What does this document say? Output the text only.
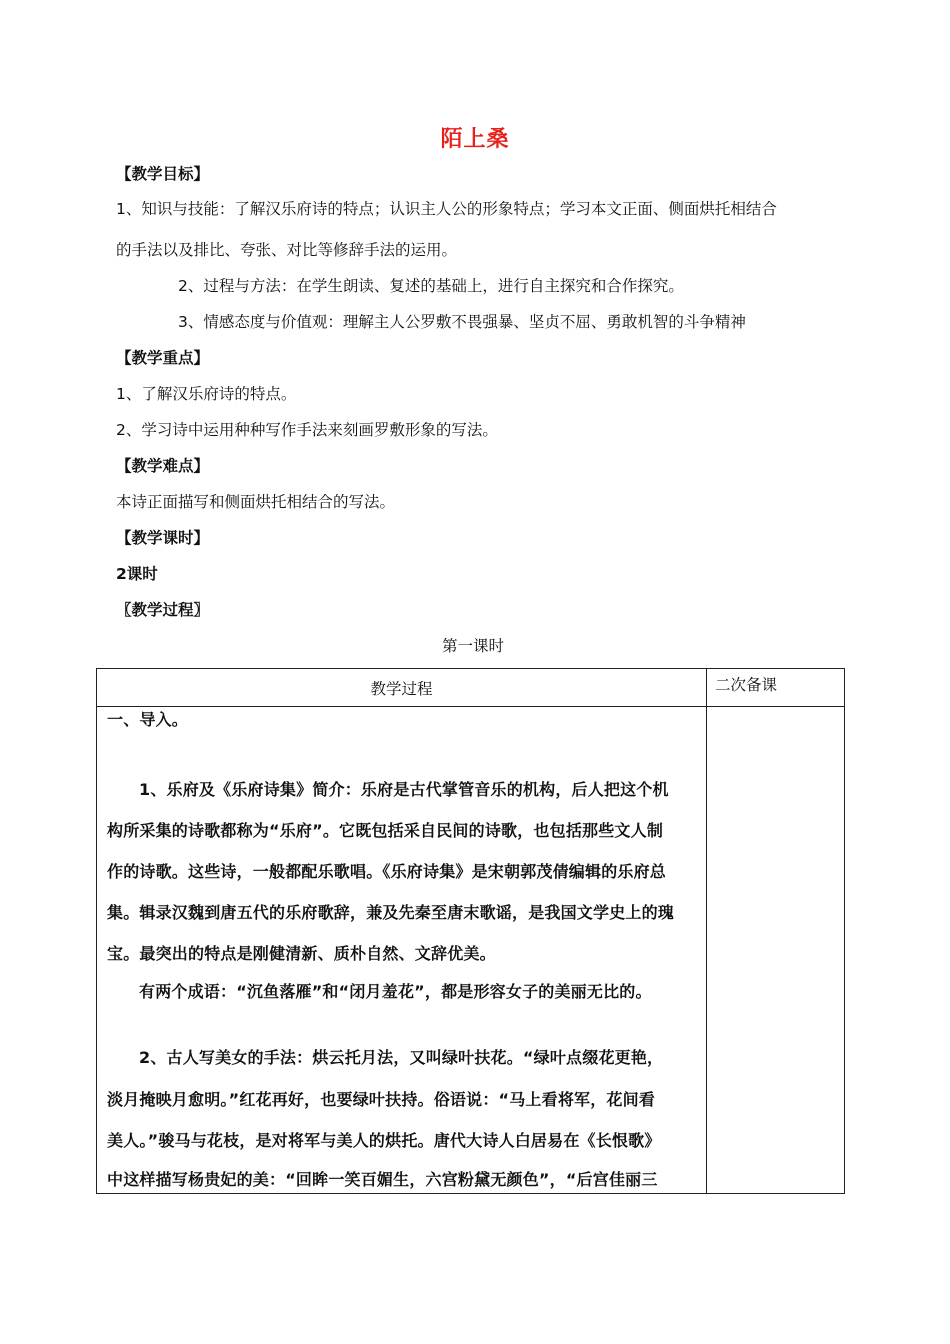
陌上桑
【教学目标】
1、知识与技能：了解汉乐府诗的特点；认识主人公的形象特点；学习本文正面、侧面烘托相结合
的手法以及排比、夸张、对比等修辞手法的运用。
2、过程与方法：在学生朗读、复述的基础上，进行自主探究和合作探究。
3、情感态度与价值观：理解主人公罗敷不畏强暴、坚贞不屈、勇敢机智的斗争精神
【教学重点】
1、了解汉乐府诗的特点。
2、学习诗中运用种种写作手法来刻画罗敷形象的写法。
【教学难点】
本诗正面描写和侧面烘托相结合的写法。
【教学课时】
2课时
〖教学过程〗
第一课时
教学过程	二次备课
一、导入。
1、乐府及《乐府诗集》简介：乐府是古代掌管音乐的机构，后人把这个机
构所采集的诗歌都称为“乐府”。它既包括采自民间的诗歌，也包括那些文人制
作的诗歌。这些诗，一般都配乐歌唱。《乐府诗集》是宋朝郭茂倩编辑的乐府总
集。辑录汉魏到唐五代的乐府歌辞，兼及先秦至唐末歌谣，是我国文学史上的瑰
宝。最突出的特点是刚健清新、质朴自然、文辞优美。
有两个成语：“沉鱼落雁”和“闭月羞花”，都是形容女子的美丽无比的。
2、古人写美女的手法：烘云托月法，又叫绿叶扶花。“绿叶点缀花更艳，
淡月掩映月愈明。”红花再好，也要绿叶扶持。俗语说：“马上看将军，花间看
美人。”骏马与花枝，是对将军与美人的烘托。唐代大诗人白居易在《长恨歌》
中这样描写杨贵妃的美：“回眸一笑百媚生，六宫粉黛无颜色”，“后宫佳丽三
